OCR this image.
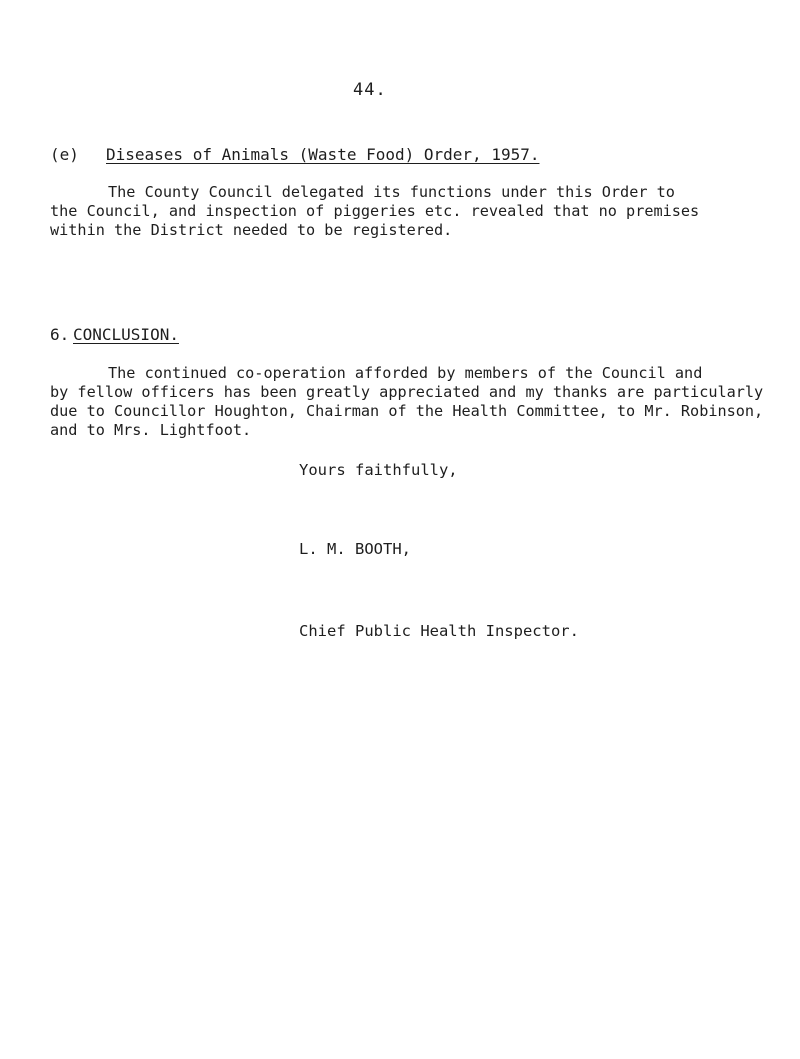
44.
(e) Diseases of Animals (Waste Food) Order, 1957.
The County Council delegated its functions under this Order to
the Council, and inspection of piggeries etc. revealed that no premises
within the District needed to be registered.
6. CONCLUSION.
The continued co-operation afforded by members of the Council and
by fellow officers has been greatly appreciated and my thanks are particularly
due to Councillor Houghton, Chairman of the Health Committee, to Mr. Robinson,
and to Mrs. Lightfoot.
Yours faithfully,
L. M. BOOTH,
Chief Public Health Inspector.
